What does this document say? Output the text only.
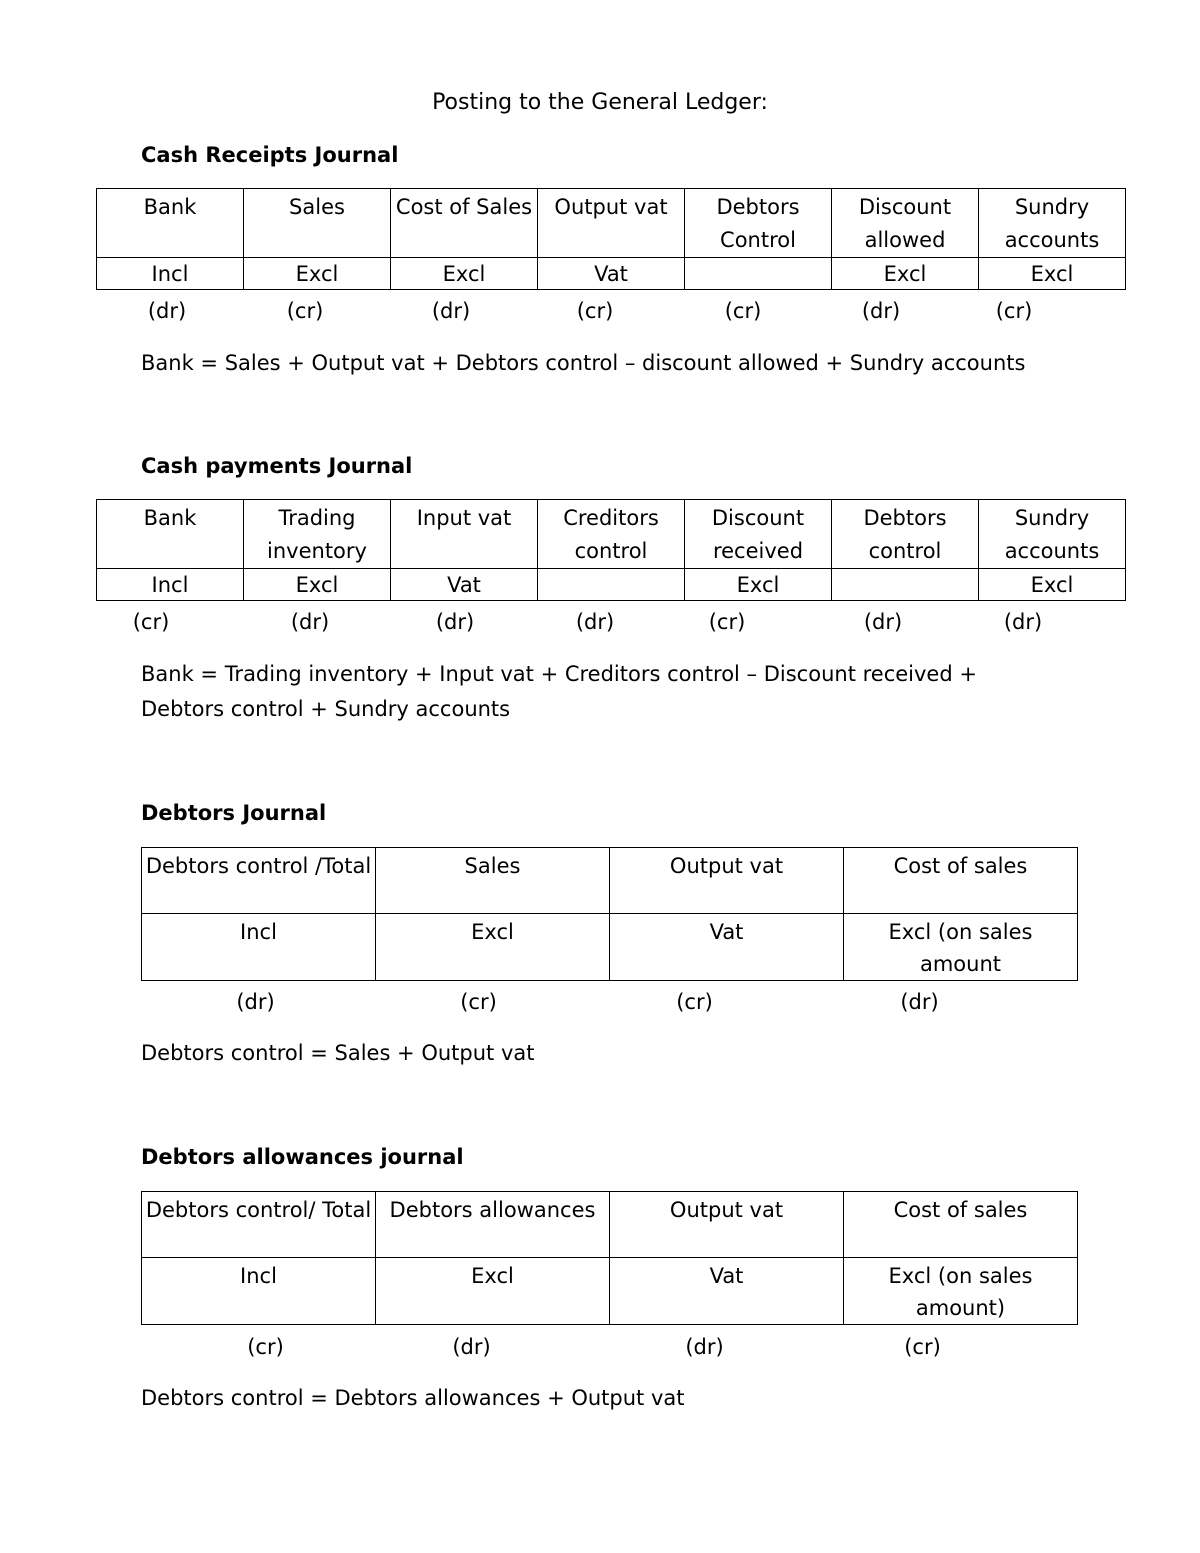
Posting to the General Ledger:
Cash Receipts Journal
Bank	Sales	Cost of Sales	Output vat	Debtors Control	Discount allowed	Sundry accounts
Incl	Excl	Excl	Vat		Excl	Excl
(dr)	(cr)	(dr)	(cr)	(cr)	(dr)	(cr)
Bank = Sales + Output vat + Debtors control – discount allowed + Sundry accounts
Cash payments Journal
Bank	Trading inventory	Input vat	Creditors control	Discount received	Debtors control	Sundry accounts
Incl	Excl	Vat		Excl		Excl
(cr)	(dr)	(dr)	(dr)	(cr)	(dr)	(dr)
Bank = Trading inventory + Input vat + Creditors control – Discount received +
Debtors control + Sundry accounts
Debtors Journal
Debtors control /Total	Sales	Output vat	Cost of sales
Incl	Excl	Vat	Excl (on sales amount
(dr)	(cr)	(cr)	(dr)
Debtors control = Sales + Output vat
Debtors allowances journal
Debtors control/ Total	Debtors allowances	Output vat	Cost of sales
Incl	Excl	Vat	Excl (on sales amount)
(cr)	(dr)	(dr)	(cr)
Debtors control = Debtors allowances + Output vat
